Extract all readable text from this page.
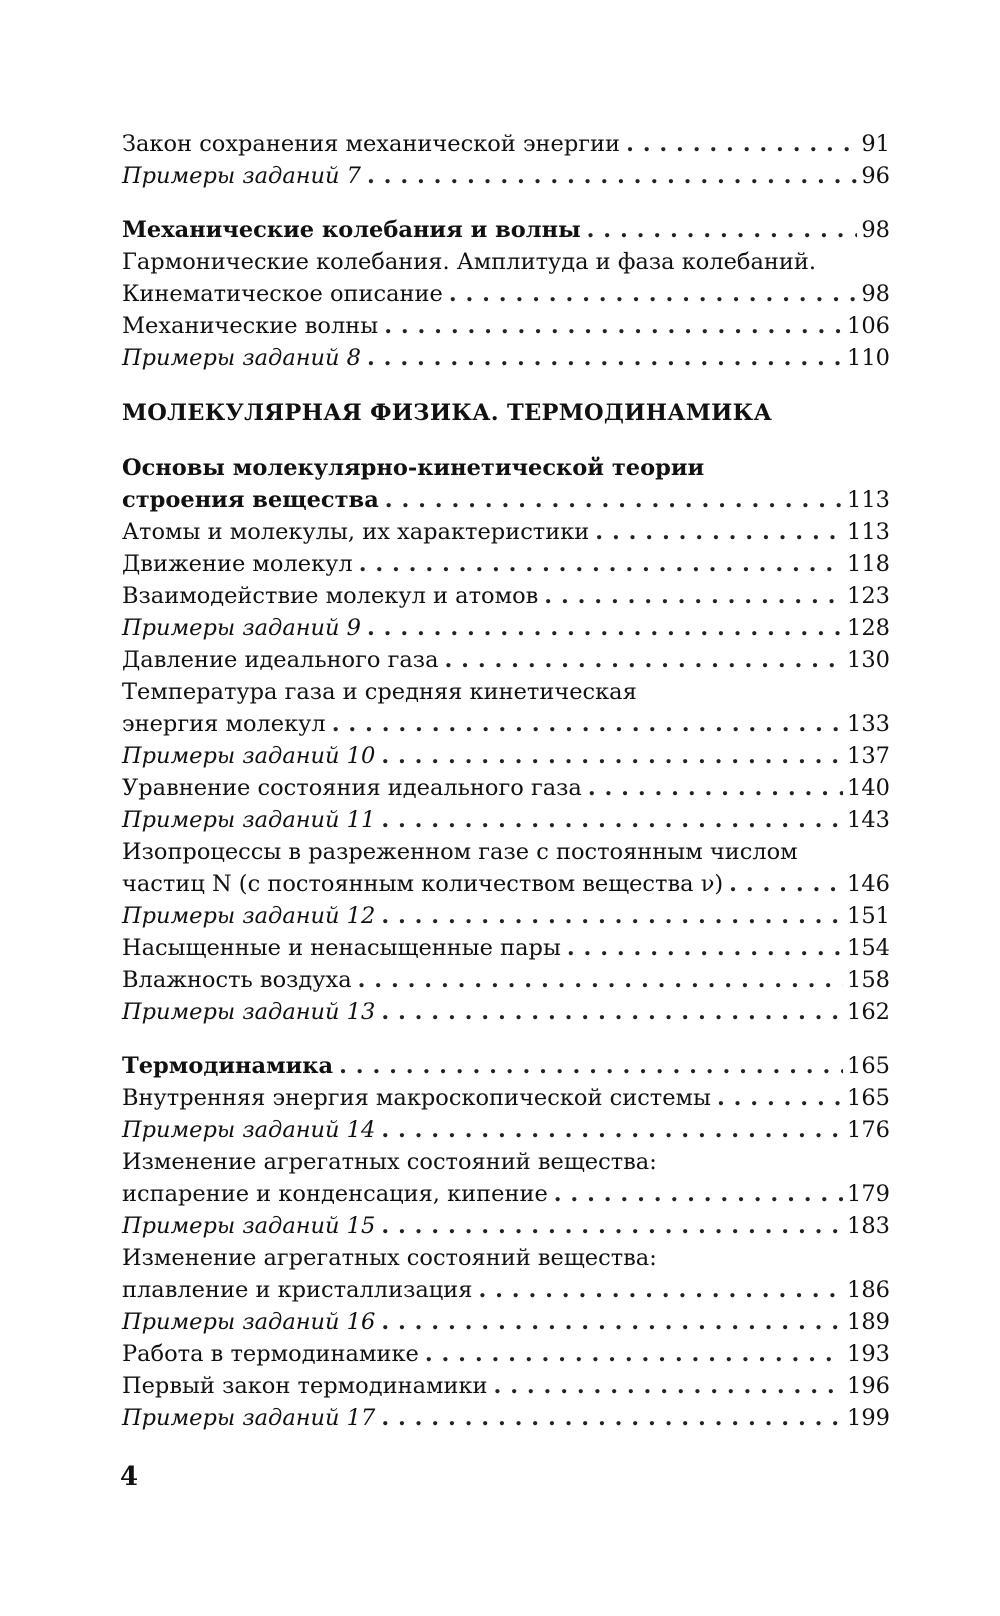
Закон сохранения механической энергии . . .	91
Примеры заданий 7 . . .	96
Механические колебания и волны . . .	98
Гармонические колебания. Амплитуда и фаза колебаний.
Кинематическое описание . . .	98
Механические волны . . .	106
Примеры заданий 8 . . .	110
МОЛЕКУЛЯРНАЯ ФИЗИКА. ТЕРМОДИНАМИКА
Основы молекулярно-кинетической теории
строения вещества . . .	113
Атомы и молекулы, их характеристики . . .	113
Движение молекул . . .	118
Взаимодействие молекул и атомов . . .	123
Примеры заданий 9 . . .	128
Давление идеального газа . . .	130
Температура газа и средняя кинетическая
энергия молекул . . .	133
Примеры заданий 10 . . .	137
Уравнение состояния идеального газа . . .	140
Примеры заданий 11 . . .	143
Изопроцессы в разреженном газе с постоянным числом
частиц N (с постоянным количеством вещества ν) . . .	146
Примеры заданий 12 . . .	151
Насыщенные и ненасыщенные пары . . .	154
Влажность воздуха . . .	158
Примеры заданий 13 . . .	162
Термодинамика . . .	165
Внутренняя энергия макроскопической системы . . .	165
Примеры заданий 14 . . .	176
Изменение агрегатных состояний вещества:
испарение и конденсация, кипение . . .	179
Примеры заданий 15 . . .	183
Изменение агрегатных состояний вещества:
плавление и кристаллизация . . .	186
Примеры заданий 16 . . .	189
Работа в термодинамике . . .	193
Первый закон термодинамики . . .	196
Примеры заданий 17 . . .	199
4
